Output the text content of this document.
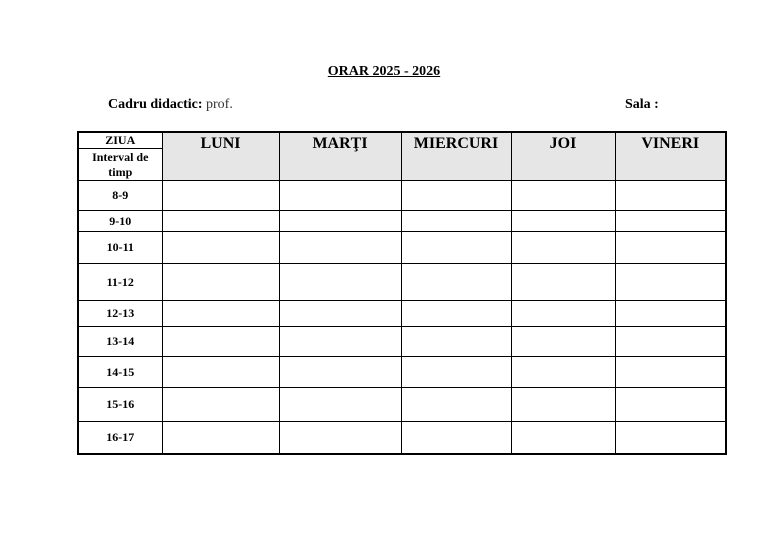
ORAR 2025 - 2026
Cadru didactic: prof.	Sala :
ZIUA
Interval de timp	LUNI	MARŢI	MIERCURI	JOI	VINERI
8-9					
9-10					
10-11					
11-12					
12-13					
13-14					
14-15					
15-16					
16-17					
